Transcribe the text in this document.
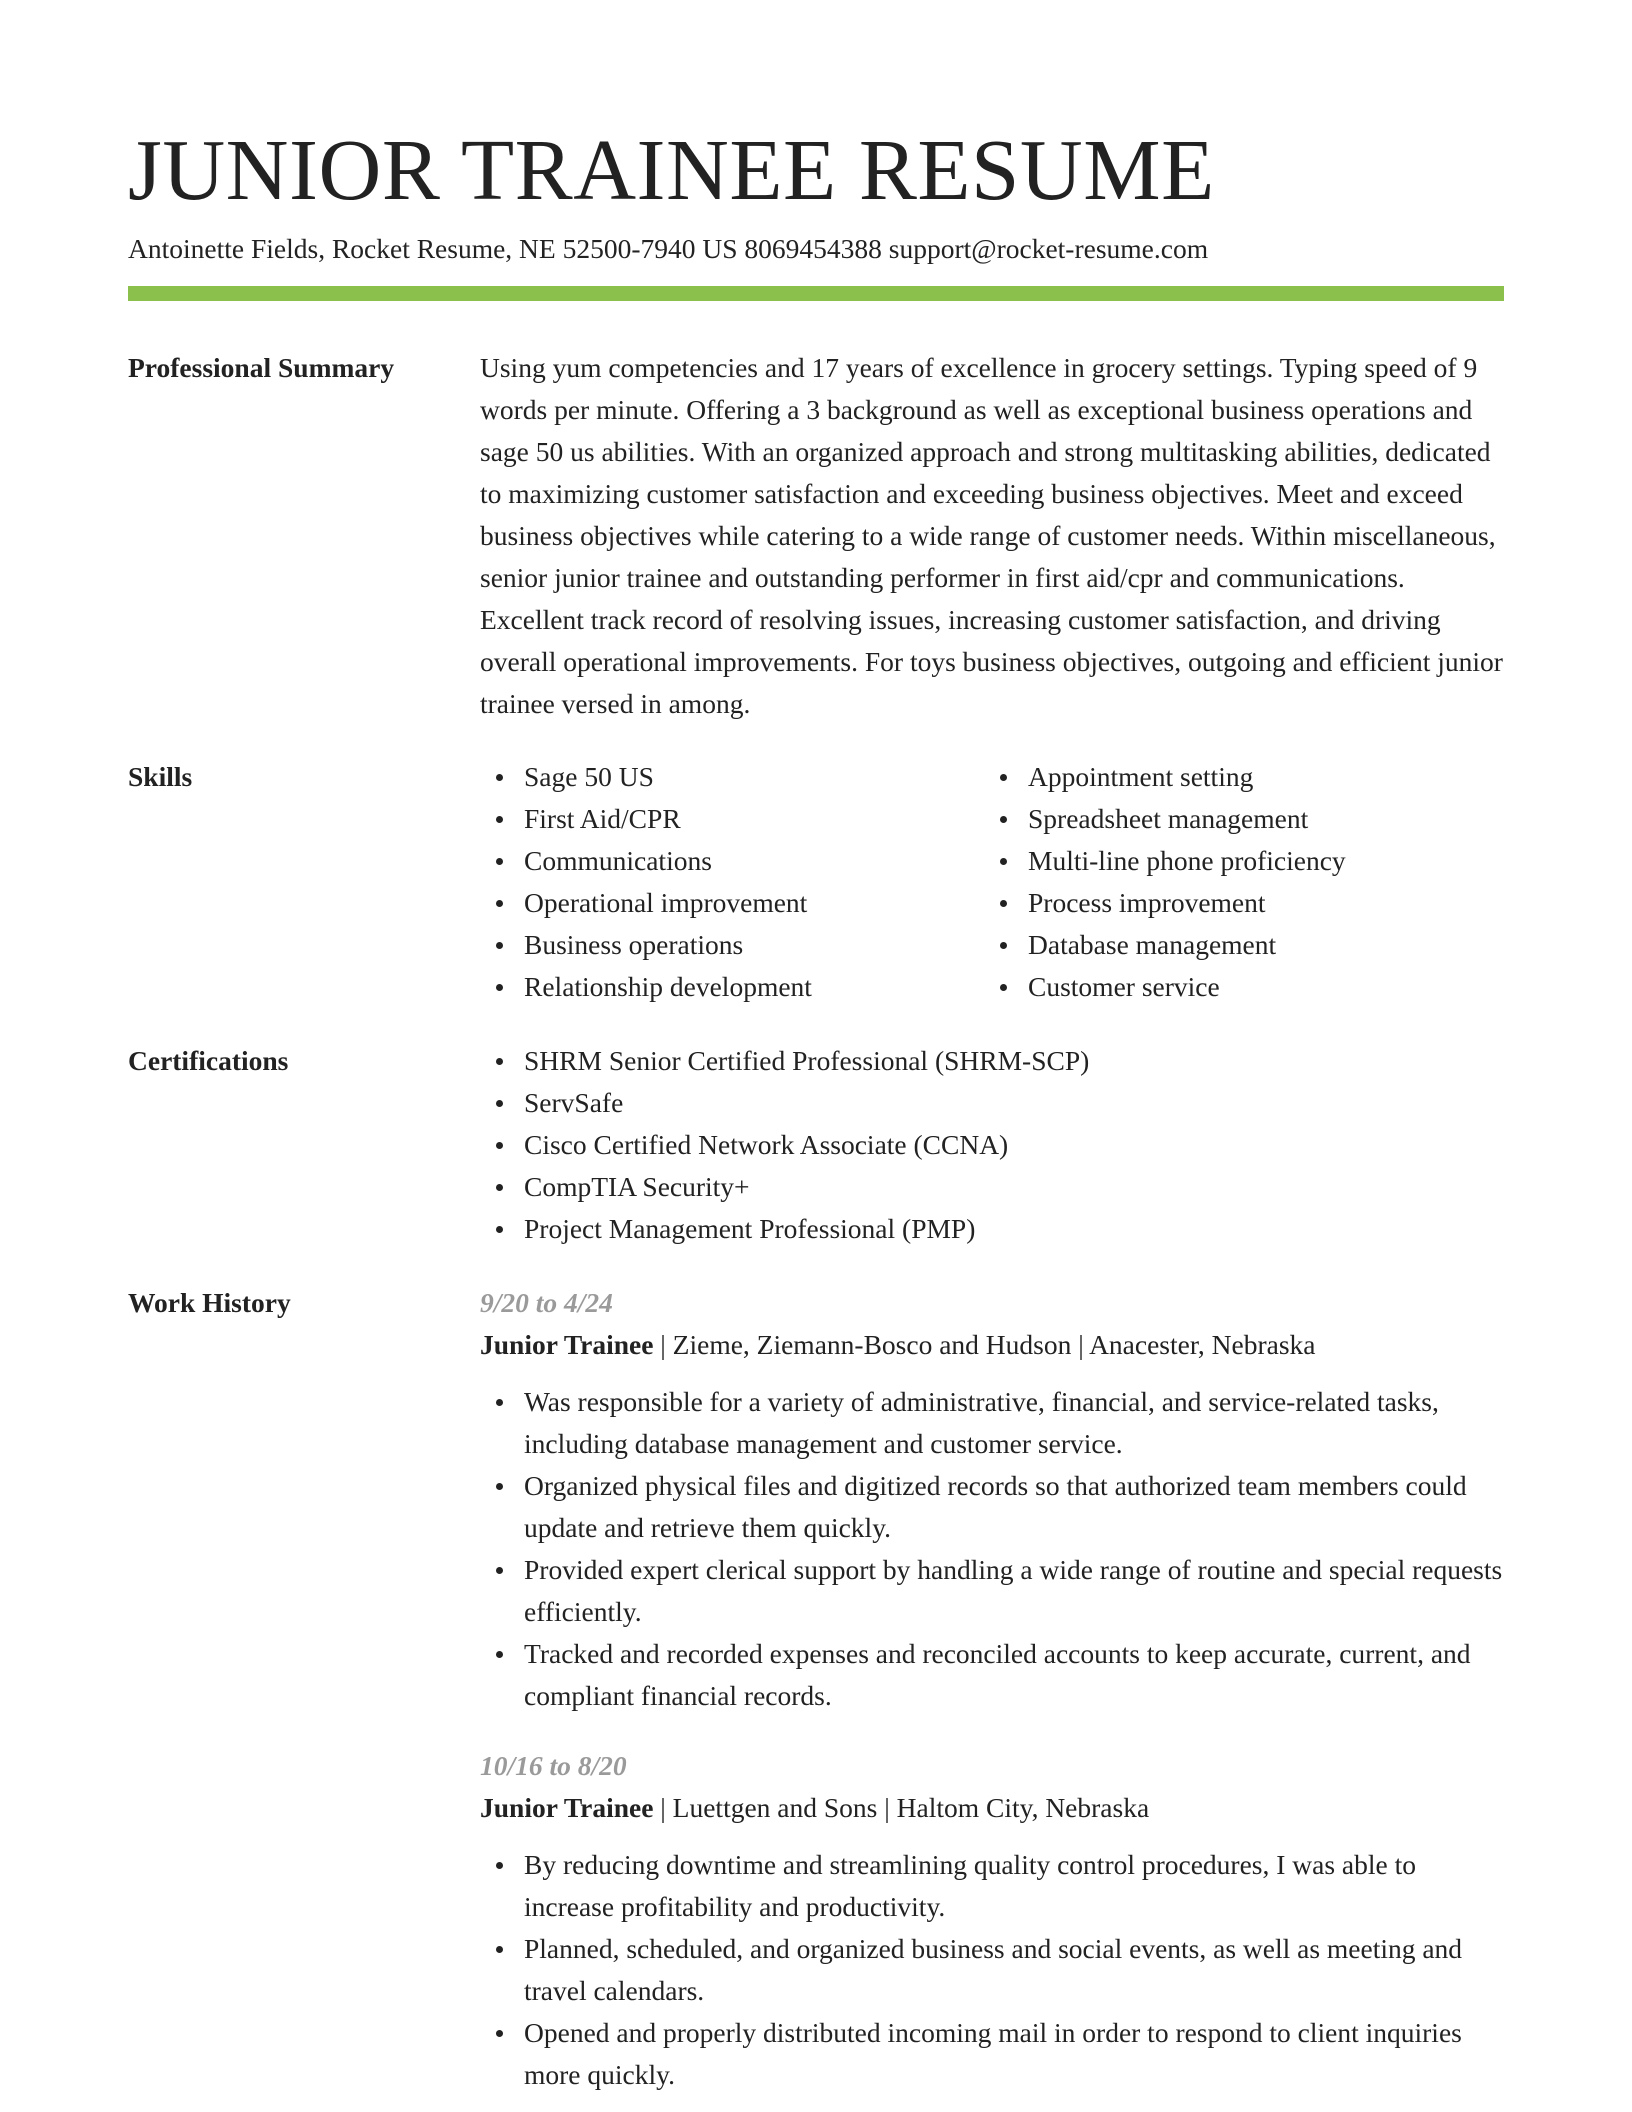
JUNIOR TRAINEE RESUME
Antoinette Fields, Rocket Resume, NE 52500-7940 US 8069454388 support@rocket-resume.com
Professional Summary	Using yum competencies and 17 years of excellence in grocery settings. Typing speed of 9 words per minute. Offering a 3 background as well as exceptional business operations and sage 50 us abilities. With an organized approach and strong multitasking abilities, dedicated to maximizing customer satisfaction and exceeding business objectives. Meet and exceed business objectives while catering to a wide range of customer needs. Within miscellaneous, senior junior trainee and outstanding performer in first aid/cpr and communications. Excellent track record of resolving issues, increasing customer satisfaction, and driving overall operational improvements. For toys business objectives, outgoing and efficient junior trainee versed in among.

Skills	Sage 50 US
First Aid/CPR
Communications
Operational improvement
Business operations
Relationship development
Appointment setting
Spreadsheet management
Multi-line phone proficiency
Process improvement
Database management
Customer service
Certifications	SHRM Senior Certified Professional (SHRM-SCP)
ServSafe
Cisco Certified Network Associate (CCNA)
CompTIA Security+
Project Management Professional (PMP)
Work History	9/20 to 4/24

Junior Trainee | Zieme, Ziemann-Bosco and Hudson | Anacester, Nebraska

Was responsible for a variety of administrative, financial, and service-related tasks, including database management and customer service.
Organized physical files and digitized records so that authorized team members could update and retrieve them quickly.
Provided expert clerical support by handling a wide range of routine and special requests efficiently.
Tracked and recorded expenses and reconciled accounts to keep accurate, current, and compliant financial records.

10/16 to 8/20

Junior Trainee | Luettgen and Sons | Haltom City, Nebraska

By reducing downtime and streamlining quality control procedures, I was able to increase profitability and productivity.
Planned, scheduled, and organized business and social events, as well as meeting and travel calendars.
Opened and properly distributed incoming mail in order to respond to client inquiries more quickly.
